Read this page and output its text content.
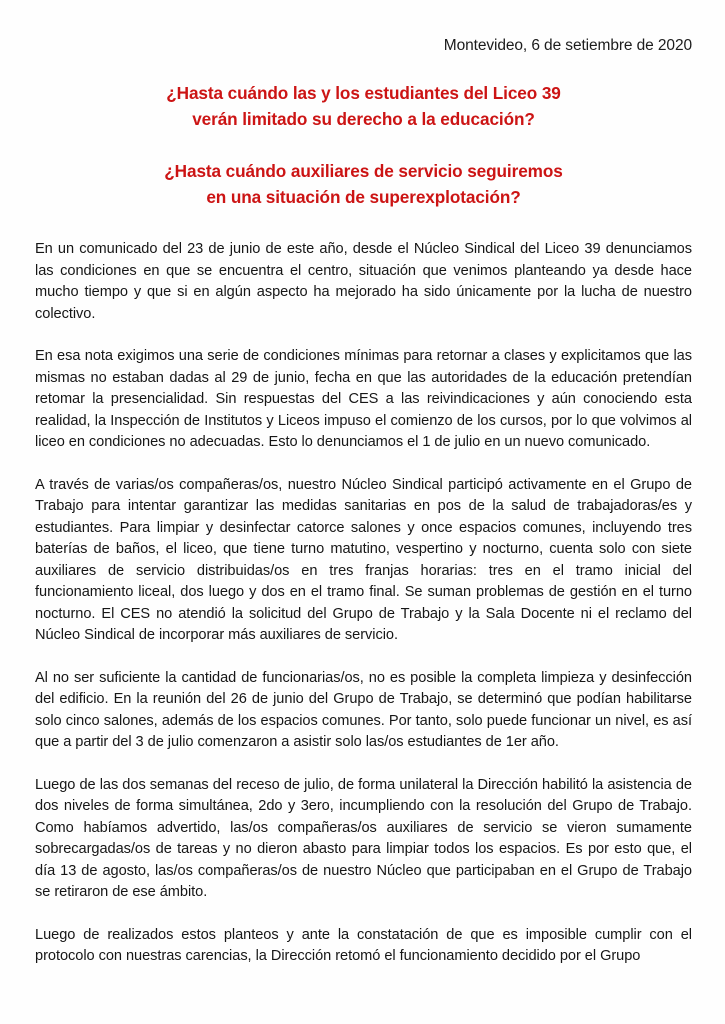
Montevideo, 6 de setiembre de 2020
¿Hasta cuándo las y los estudiantes del Liceo 39
verán limitado su derecho a la educación?
¿Hasta cuándo auxiliares de servicio seguiremos
en una situación de superexplotación?

En un comunicado del 23 de junio de este año, desde el Núcleo Sindical del Liceo 39 denunciamos las condiciones en que se encuentra el centro, situación que venimos planteando ya desde hace mucho tiempo y que si en algún aspecto ha mejorado ha sido únicamente por la lucha de nuestro colectivo.

En esa nota exigimos una serie de condiciones mínimas para retornar a clases y explicitamos que las mismas no estaban dadas al 29 de junio, fecha en que las autoridades de la educación pretendían retomar la presencialidad. Sin respuestas del CES a las reivindicaciones y aún conociendo esta realidad, la Inspección de Institutos y Liceos impuso el comienzo de los cursos, por lo que volvimos al liceo en condiciones no adecuadas. Esto lo denunciamos el 1 de julio en un nuevo comunicado.

A través de varias/os compañeras/os, nuestro Núcleo Sindical participó activamente en el Grupo de Trabajo para intentar garantizar las medidas sanitarias en pos de la salud de trabajadoras/es y estudiantes. Para limpiar y desinfectar catorce salones y once espacios comunes, incluyendo tres baterías de baños, el liceo, que tiene turno matutino, vespertino y nocturno, cuenta solo con siete auxiliares de servicio distribuidas/os en tres franjas horarias: tres en el tramo inicial del funcionamiento liceal, dos luego y dos en el tramo final. Se suman problemas de gestión en el turno nocturno. El CES no atendió la solicitud del Grupo de Trabajo y la Sala Docente ni el reclamo del Núcleo Sindical de incorporar más auxiliares de servicio.

Al no ser suficiente la cantidad de funcionarias/os, no es posible la completa limpieza y desinfección del edificio. En la reunión del 26 de junio del Grupo de Trabajo, se determinó que podían habilitarse solo cinco salones, además de los espacios comunes. Por tanto, solo puede funcionar un nivel, es así que a partir del 3 de julio comenzaron a asistir solo las/os estudiantes de 1er año.

Luego de las dos semanas del receso de julio, de forma unilateral la Dirección habilitó la asistencia de dos niveles de forma simultánea, 2do y 3ero, incumpliendo con la resolución del Grupo de Trabajo. Como habíamos advertido, las/os compañeras/os auxiliares de servicio se vieron sumamente sobrecargadas/os de tareas y no dieron abasto para limpiar todos los espacios. Es por esto que, el día 13 de agosto, las/os compañeras/os de nuestro Núcleo que participaban en el Grupo de Trabajo se retiraron de ese ámbito.

Luego de realizados estos planteos y ante la constatación de que es imposible cumplir con el protocolo con nuestras carencias, la Dirección retomó el funcionamiento decidido por el Grupo
